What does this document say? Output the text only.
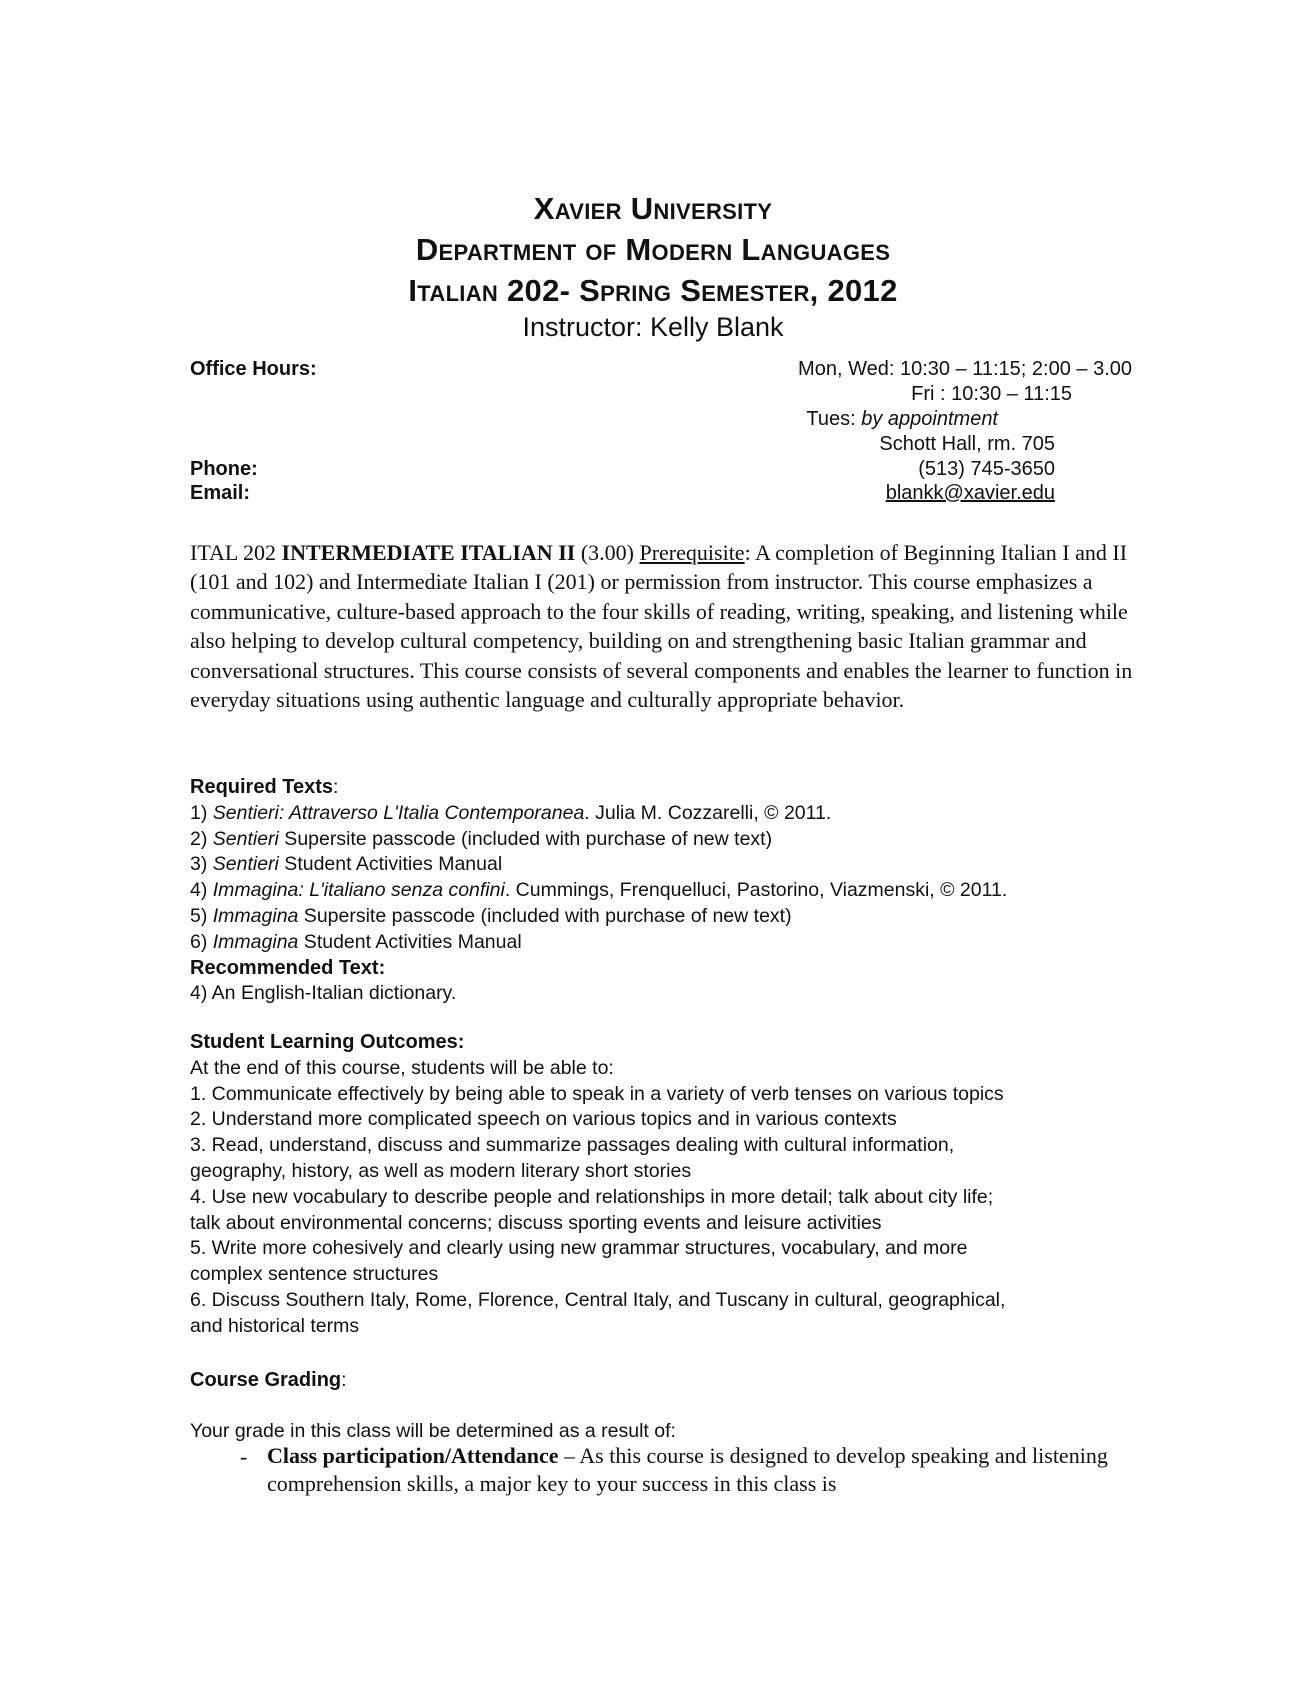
Xavier University
Department of Modern Languages
Italian 202- Spring Semester, 2012
Instructor: Kelly Blank
Office Hours:	Mon, Wed: 10:30 – 11:15; 2:00 – 3.00
Fri : 10:30 – 11:15
Tues: by appointment
Schott Hall, rm. 705
Phone:	(513) 745-3650
Email:	blankk@xavier.edu
ITAL 202 INTERMEDIATE ITALIAN II (3.00) Prerequisite: A completion of Beginning Italian I and II (101 and 102) and Intermediate Italian I (201) or permission from instructor. This course emphasizes a communicative, culture-based approach to the four skills of reading, writing, speaking, and listening while also helping to develop cultural competency, building on and strengthening basic Italian grammar and conversational structures. This course consists of several components and enables the learner to function in everyday situations using authentic language and culturally appropriate behavior.
Required Texts:
1) Sentieri: Attraverso L'Italia Contemporanea. Julia M. Cozzarelli, © 2011.
2) Sentieri Supersite passcode (included with purchase of new text)
3) Sentieri Student Activities Manual
4) Immagina: L'italiano senza confini. Cummings, Frenquelluci, Pastorino, Viazmenski, © 2011.
5) Immagina Supersite passcode (included with purchase of new text)
6) Immagina Student Activities Manual
Recommended Text:
4) An English-Italian dictionary.
Student Learning Outcomes:
At the end of this course, students will be able to:
1. Communicate effectively by being able to speak in a variety of verb tenses on various topics
2. Understand more complicated speech on various topics and in various contexts
3. Read, understand, discuss and summarize passages dealing with cultural information,
geography, history, as well as modern literary short stories
4. Use new vocabulary to describe people and relationships in more detail; talk about city life;
talk about environmental concerns; discuss sporting events and leisure activities
5. Write more cohesively and clearly using new grammar structures, vocabulary, and more
complex sentence structures
6. Discuss Southern Italy, Rome, Florence, Central Italy, and Tuscany in cultural, geographical,
and historical terms
Course Grading:
Your grade in this class will be determined as a result of:
- Class participation/Attendance – As this course is designed to develop speaking and listening comprehension skills, a major key to your success in this class is
